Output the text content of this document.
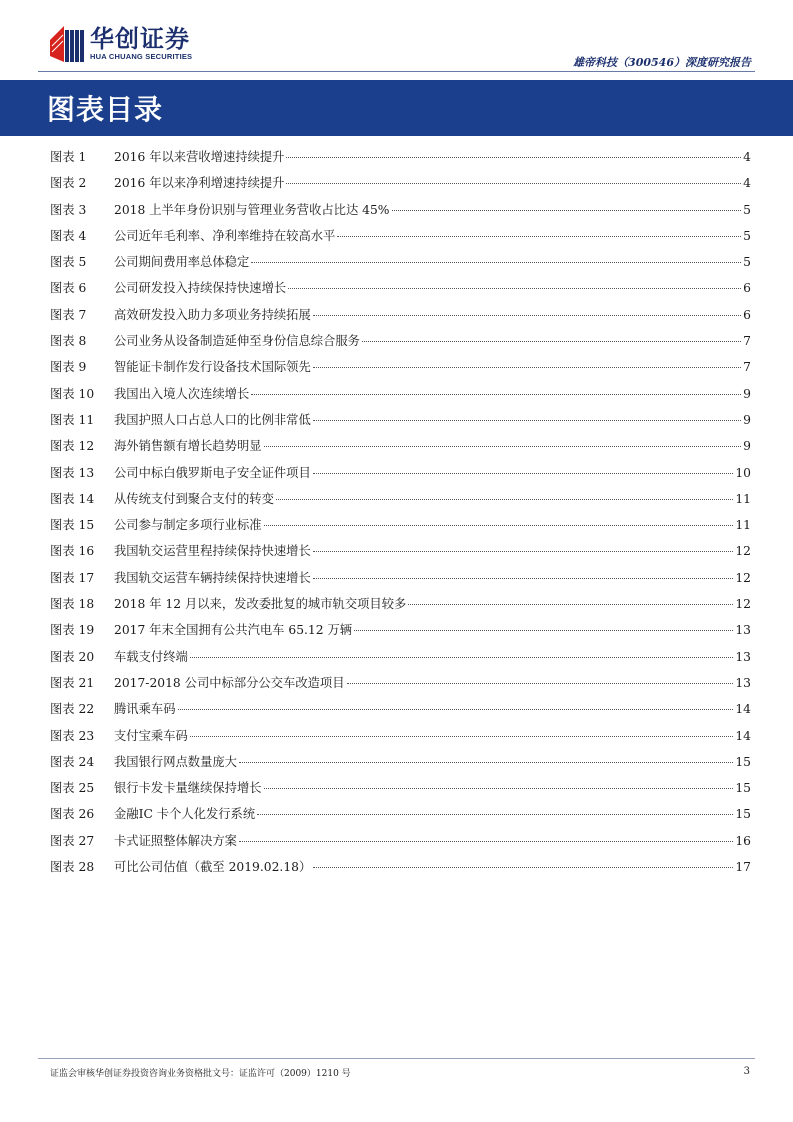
华创证券
HUA CHUANG SECURITIES	雄帝科技（300546）深度研究报告
图表目录
图表 1	2016 年以来营收增速持续提升	4
图表 2	2016 年以来净利增速持续提升	4
图表 3	2018 上半年身份识别与管理业务营收占比达 45%	5
图表 4	公司近年毛利率、净利率维持在较高水平	5
图表 5	公司期间费用率总体稳定	5
图表 6	公司研发投入持续保持快速增长	6
图表 7	高效研发投入助力多项业务持续拓展	6
图表 8	公司业务从设备制造延伸至身份信息综合服务	7
图表 9	智能证卡制作发行设备技术国际领先	7
图表 10	我国出入境人次连续增长	9
图表 11	我国护照人口占总人口的比例非常低	9
图表 12	海外销售额有增长趋势明显	9
图表 13	公司中标白俄罗斯电子安全证件项目	10
图表 14	从传统支付到聚合支付的转变	11
图表 15	公司参与制定多项行业标准	11
图表 16	我国轨交运营里程持续保持快速增长	12
图表 17	我国轨交运营车辆持续保持快速增长	12
图表 18	2018 年 12 月以来，发改委批复的城市轨交项目较多	12
图表 19	2017 年末全国拥有公共汽电车 65.12 万辆	13
图表 20	车载支付终端	13
图表 21	2017-2018 公司中标部分公交车改造项目	13
图表 22	腾讯乘车码	14
图表 23	支付宝乘车码	14
图表 24	我国银行网点数量庞大	15
图表 25	银行卡发卡量继续保持增长	15
图表 26	金融IC 卡个人化发行系统	15
图表 27	卡式证照整体解决方案	16
图表 28	可比公司估值（截至 2019.02.18）	17
证监会审核华创证券投资咨询业务资格批文号：证监许可（2009）1210 号	3
